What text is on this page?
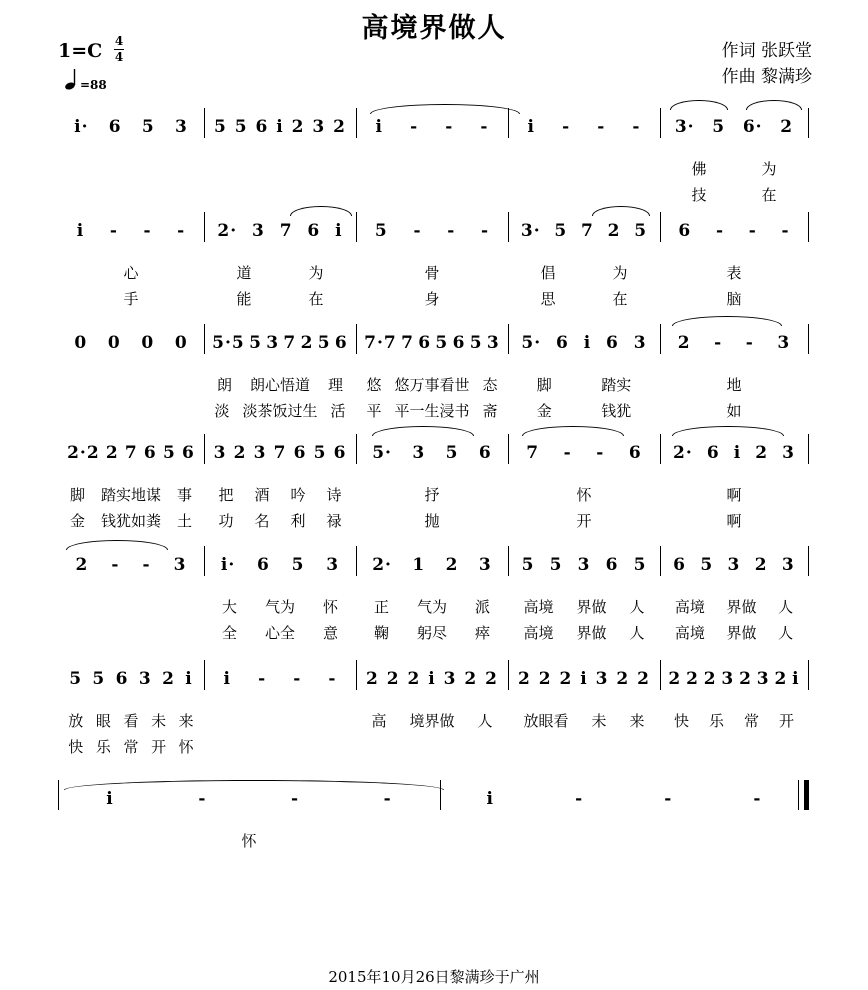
高境界做人
作词 张跃堂
作曲 黎满珍
1=C 4
4
=88
i· 6 5 3 5 5 6 i 2 3 2 i - - - i - - - 3· 5 6· 2
佛	为
技	在
i - - -
心
手
2· 3 7 6 i
道	为
能	在
5 - - -
骨
身
3· 5 7 2 5
倡	为
思	在
6 - - -
表
脑
0 0 0 0 5·5 5 3 7 2 5 6
朗 朗心悟道 理
淡 淡茶饭过生 活
7·7 7 6 5 6 5 3
悠 悠万事看世 态
平 平一生浸书 斋
5· 6 i 6 3
脚	踏实
金	钱犹
2 - - 3
地
如
2·2 2 7 6 5 6
脚 踏实地谋 事
金 钱犹如粪 土
3 2 3 7 6 5 6
把 酒 吟 诗
功 名 利 禄
5· 3 5 6
抒
抛
7 - - 6
怀
开
2· 6 i 2 3
啊
啊
2 - - 3 i· 6 5 3
大 气为 怀
全 心全 意
2· 1 2 3
正 气为 派
鞠 躬尽 瘁
5 5 3 6 5
高境 界做 人
高境 界做 人
6 5 3 2 3
高境 界做 人
高境 界做 人
5 5 6 3 2 i
放 眼 看 未 来
快 乐 常 开 怀
i - - - 2 2 2 i 3 2 2
高 境界做 人
2 2 2 i 3 2 2
放眼看 未 来
2 2 2 3 2 3 2 i
快 乐 常 开
i	-	-	-
怀
i	-	-	-
2015年10月26日黎满珍于广州
